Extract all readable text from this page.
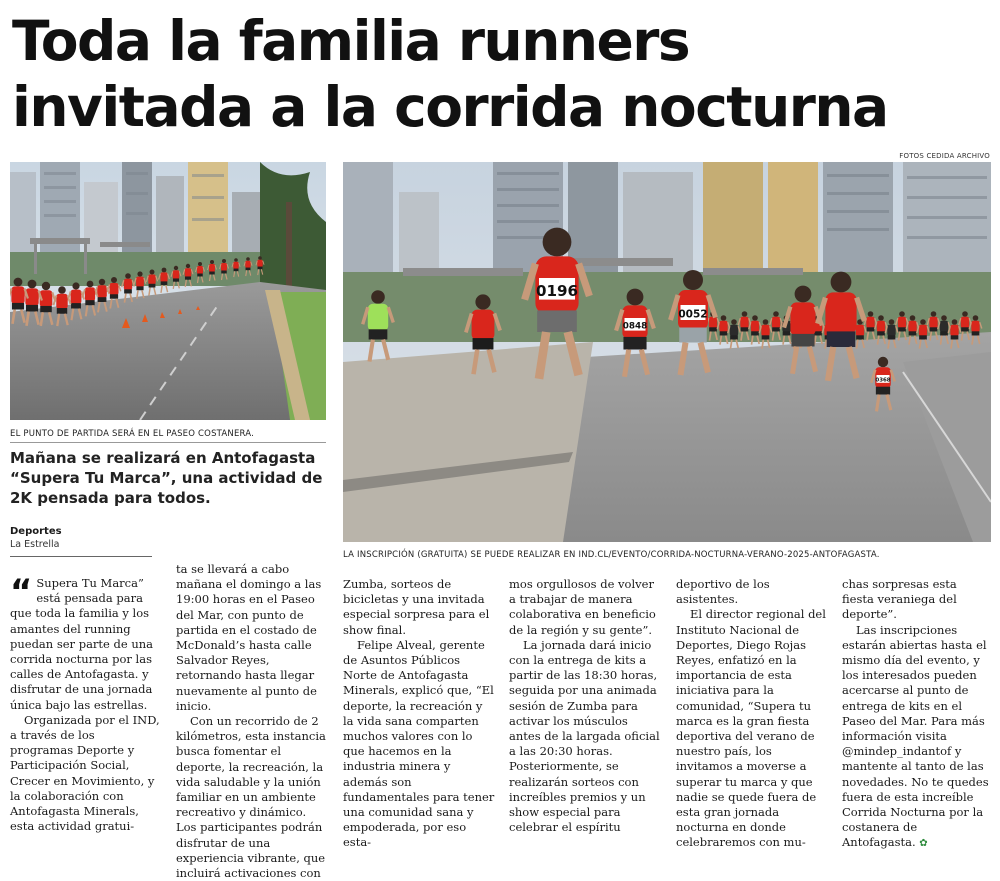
Toda la familia runners
invitada a la corrida nocturna

FOTOS CEDIDA ARCHIVO

EL PUNTO DE PARTIDA SERÁ EN EL PASEO COSTANERA.

0848
0052
0368
0196

LA INSCRIPCIÓN (GRATUITA) SE PUEDE REALIZAR EN IND.CL/EVENTO/CORRIDA-NOCTURNA-VERANO-2025-ANTOFAGASTA.

Mañana se realizará en Antofagasta “Supera Tu Marca”, una actividad de 2K pensada para todos.

Deportes

La Estrella

“ Supera Tu Marca” está pensada para que toda la familia y los amantes del running puedan ser parte de una corrida nocturna por las calles de Antofagasta. y disfrutar de una jornada única bajo las estrellas.

Organizada por el IND, a través de los programas Deporte y Participación Social, Crecer en Movimiento, y la colaboración con Antofagasta Minerals, esta actividad gratui-

ta se llevará a cabo mañana el domingo a las 19:00 horas en el Paseo del Mar, con punto de partida en el costado de McDonald’s hasta calle Salvador Reyes, retornando hasta llegar nuevamente al punto de inicio.

Con un recorrido de 2 kilómetros, esta instancia busca fomentar el deporte, la recreación, la vida saludable y la unión familiar en un ambiente recreativo y dinámico. Los participantes podrán disfrutar de una experiencia vibrante, que incluirá activaciones con

Zumba, sorteos de bicicletas y una invitada especial sorpresa para el show final.

Felipe Alveal, gerente de Asuntos Públicos Norte de Antofagasta Minerals, explicó que, “El deporte, la recreación y la vida sana comparten muchos valores con lo que hacemos en la industria minera y además son fundamentales para tener una comunidad sana y empoderada, por eso esta-

mos orgullosos de volver a trabajar de manera colaborativa en beneficio de la región y su gente”.

La jornada dará inicio con la entrega de kits a partir de las 18:30 horas, seguida por una animada sesión de Zumba para activar los músculos antes de la largada oficial a las 20:30 horas. Posteriormente, se realizarán sorteos con increíbles premios y un show especial para celebrar el espíritu

deportivo de los asistentes.

El director regional del Instituto Nacional de Deportes, Diego Rojas Reyes, enfatizó en la importancia de esta iniciativa para la comunidad, “Supera tu marca es la gran fiesta deportiva del verano de nuestro país, los invitamos a moverse a superar tu marca y que nadie se quede fuera de esta gran jornada nocturna en donde celebraremos con mu-

chas sorpresas esta fiesta veraniega del deporte”.

Las inscripciones estarán abiertas hasta el mismo día del evento, y los interesados pueden acercarse al punto de entrega de kits en el Paseo del Mar. Para más información visita @mindep_indantof y mantente al tanto de las novedades. No te quedes fuera de esta increíble Corrida Nocturna por la costanera de Antofagasta. ✿
